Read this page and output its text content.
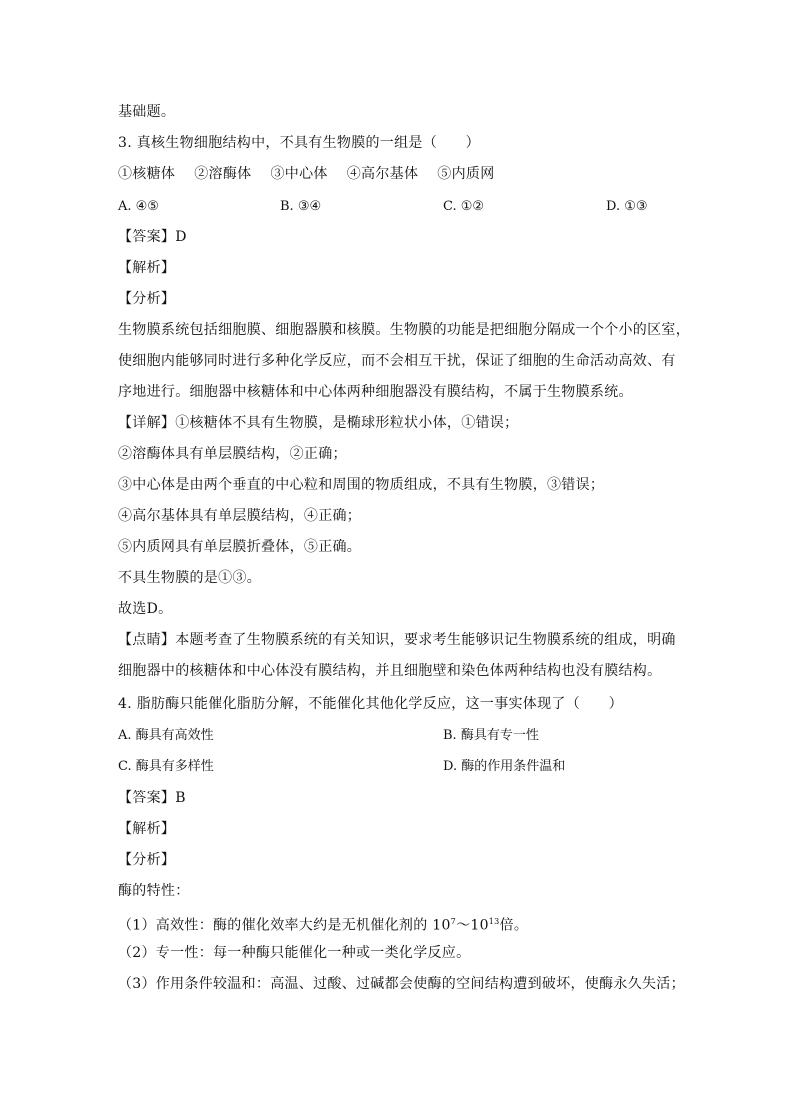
基础题。
3. 真核生物细胞结构中，不具有生物膜的一组是（　　）
①核糖体　 ②溶酶体　 ③中心体　 ④高尔基体　 ⑤内质网
A. ④⑤	B. ③④	C. ①②	D. ①③
【答案】D
【解析】
【分析】
生物膜系统包括细胞膜、细胞器膜和核膜。生物膜的功能是把细胞分隔成一个个小的区室，
使细胞内能够同时进行多种化学反应，而不会相互干扰，保证了细胞的生命活动高效、有
序地进行。细胞器中核糖体和中心体两种细胞器没有膜结构，不属于生物膜系统。
【详解】①核糖体不具有生物膜，是椭球形粒状小体，①错误；
②溶酶体具有单层膜结构，②正确；
③中心体是由两个垂直的中心粒和周围的物质组成，不具有生物膜，③错误；
④高尔基体具有单层膜结构，④正确；
⑤内质网具有单层膜折叠体，⑤正确。
不具生物膜的是①③。
故选D。
【点睛】本题考查了生物膜系统的有关知识，要求考生能够识记生物膜系统的组成，明确
细胞器中的核糖体和中心体没有膜结构，并且细胞壁和染色体两种结构也没有膜结构。
4. 脂肪酶只能催化脂肪分解，不能催化其他化学反应，这一事实体现了（　　）
A. 酶具有高效性	B. 酶具有专一性
C. 酶具有多样性	D. 酶的作用条件温和
【答案】B
【解析】
【分析】
酶的特性：
（1）高效性：酶的催化效率大约是无机催化剂的 $10^7\sim 10^{13}$倍。
（2）专一性：每一种酶只能催化一种或一类化学反应。
（3）作用条件较温和：高温、过酸、过碱都会使酶的空间结构遭到破坏，使酶永久失活；
